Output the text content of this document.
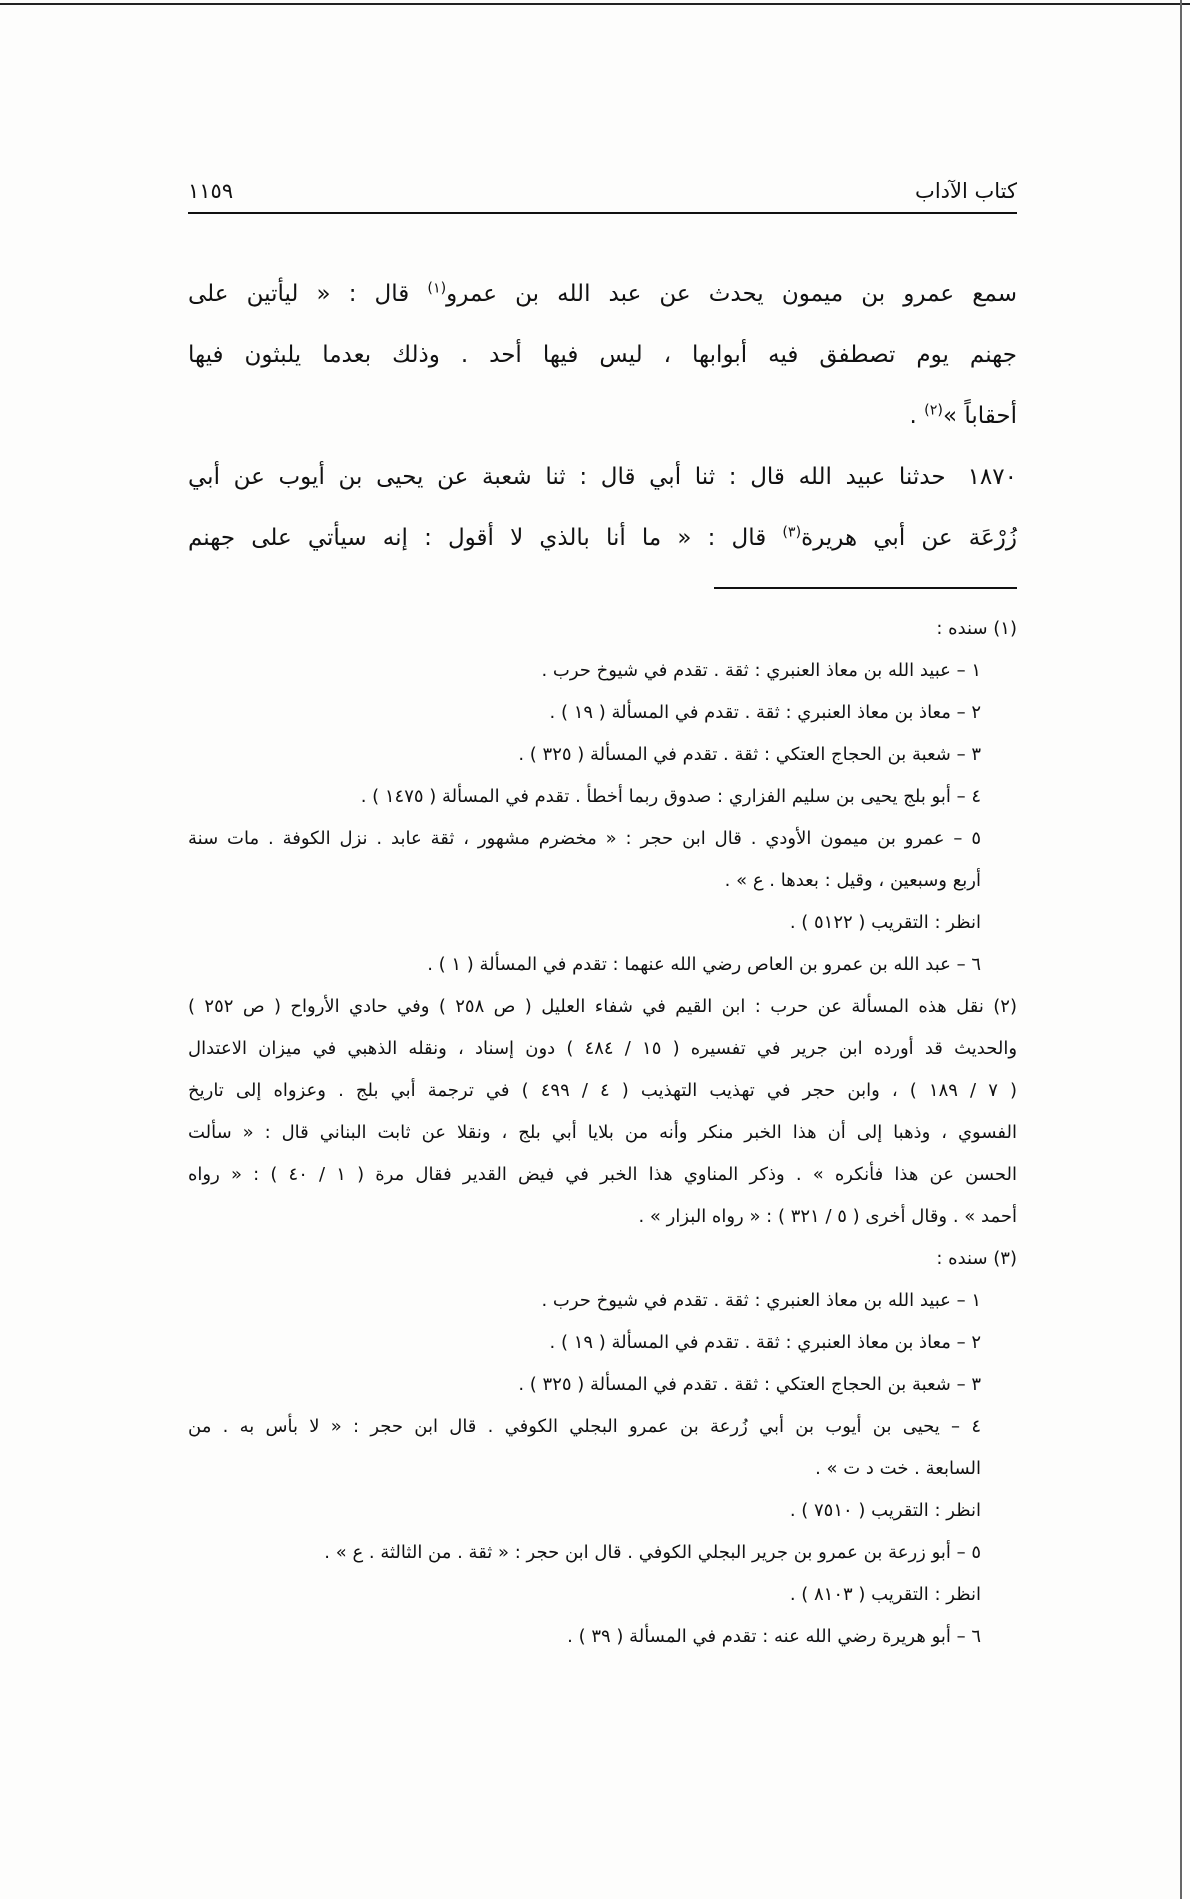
كتاب الآداب
١١٥٩
سمع عمرو بن ميمون يحدث عن عبد الله بن عمرو$^{(١)}$ قال : « ليأتين على
جهنم يوم تصطفق فيه أبوابها ، ليس فيها أحد . وذلك بعدما يلبثون فيها
أحقاباً »$^{(٢)}$ .
١٨٧٠حدثنا عبيد الله قال : ثنا أبي قال : ثنا شعبة عن يحيى بن أيوب عن أبي
زُرْعَة عن أبي هريرة$^{(٣)}$ قال : « ما أنا بالذي لا أقول : إنه سيأتي على جهنم
(١) سنده :
١ – عبيد الله بن معاذ العنبري : ثقة . تقدم في شيوخ حرب .
٢ – معاذ بن معاذ العنبري : ثقة . تقدم في المسألة ( ١٩ ) .
٣ – شعبة بن الحجاج العتكي : ثقة . تقدم في المسألة ( ٣٢٥ ) .
٤ – أبو بلج يحيى بن سليم الفزاري : صدوق ربما أخطأ . تقدم في المسألة ( ١٤٧٥ ) .
٥ – عمرو بن ميمون الأودي . قال ابن حجر : « مخضرم مشهور ، ثقة عابد . نزل الكوفة . مات سنة
أربع وسبعين ، وقيل : بعدها . ع » .
انظر : التقريب ( ٥١٢٢ ) .
٦ – عبد الله بن عمرو بن العاص رضي الله عنهما : تقدم في المسألة ( ١ ) .
(٢) نقل هذه المسألة عن حرب : ابن القيم في شفاء العليل ( ص ٢٥٨ ) وفي حادي الأرواح ( ص ٢٥٢ )
والحديث قد أورده ابن جرير في تفسيره ( ١٥ / ٤٨٤ ) دون إسناد ، ونقله الذهبي في ميزان الاعتدال
( ٧ / ١٨٩ ) ، وابن حجر في تهذيب التهذيب ( ٤ / ٤٩٩ ) في ترجمة أبي بلج . وعزواه إلى تاريخ
الفسوي ، وذهبا إلى أن هذا الخبر منكر وأنه من بلايا أبي بلج ، ونقلا عن ثابت البناني قال : « سألت
الحسن عن هذا فأنكره » . وذكر المناوي هذا الخبر في فيض القدير فقال مرة ( ١ / ٤٠ ) : « رواه
أحمد » . وقال أخرى ( ٥ / ٣٢١ ) : « رواه البزار » .
(٣) سنده :
١ – عبيد الله بن معاذ العنبري : ثقة . تقدم في شيوخ حرب .
٢ – معاذ بن معاذ العنبري : ثقة . تقدم في المسألة ( ١٩ ) .
٣ – شعبة بن الحجاج العتكي : ثقة . تقدم في المسألة ( ٣٢٥ ) .
٤ – يحيى بن أيوب بن أبي زُرعة بن عمرو البجلي الكوفي . قال ابن حجر : « لا بأس به . من
السابعة . خت د ت » .
انظر : التقريب ( ٧٥١٠ ) .
٥ – أبو زرعة بن عمرو بن جرير البجلي الكوفي . قال ابن حجر : « ثقة . من الثالثة . ع » .
انظر : التقريب ( ٨١٠٣ ) .
٦ – أبو هريرة رضي الله عنه : تقدم في المسألة ( ٣٩ ) .
